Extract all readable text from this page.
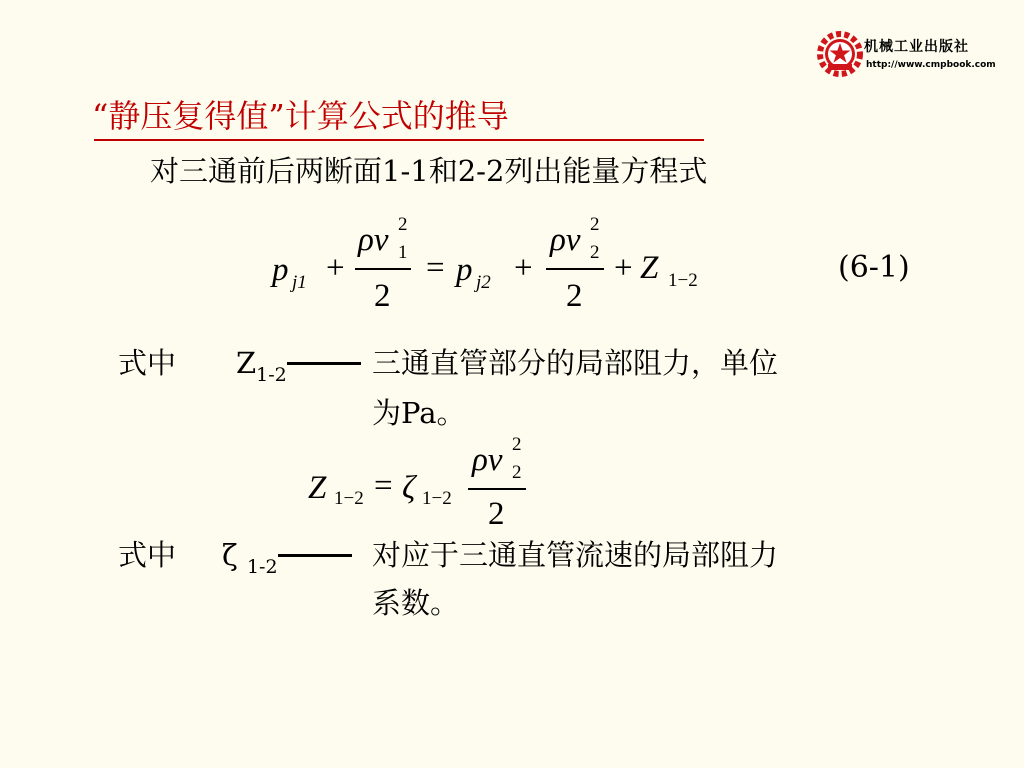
机械工业出版社
http://www.cmpbook.com
“静压复得值”计算公式的推导
对三通前后两断面1-1和2-2列出能量方程式
p j1 +
ρv 2
1
2
= p j2 +
ρv 2
2
2
+ Z 1−2	(6-1)
式中 $Z_{1-2}$	三通直管部分的局部阻力，单位
为Pa。
Z 1−2 = ζ 1−2
ρv 2
2
2
式中 ζ $_{1-2}$	对应于三通直管流速的局部阻力
系数。
